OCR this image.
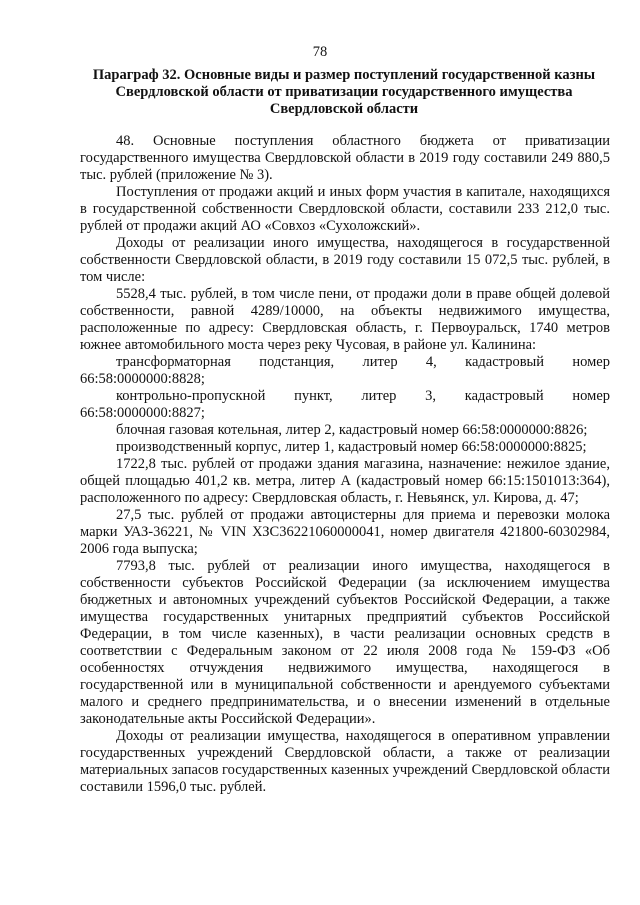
78
Параграф 32. Основные виды и размер поступлений государственной казны
Свердловской области от приватизации государственного имущества
Свердловской области

48. Основные поступления областного бюджета от приватизации государственного имущества Свердловской области в 2019 году составили 249 880,5 тыс. рублей (приложение № 3).

Поступления от продажи акций и иных форм участия в капитале, находящихся в государственной собственности Свердловской области, составили 233 212,0 тыс. рублей от продажи акций АО «Совхоз «Сухоложский».

Доходы от реализации иного имущества, находящегося в государственной собственности Свердловской области, в 2019 году составили 15 072,5 тыс. рублей, в том числе:

5528,4 тыс. рублей, в том числе пени, от продажи доли в праве общей долевой собственности, равной 4289/10000, на объекты недвижимого имущества, расположенные по адресу: Свердловская область, г. Первоуральск, 1740 метров южнее автомобильного моста через реку Чусовая, в районе ул. Калинина:

трансформаторная подстанция, литер 4, кадастровый номер 66:58:0000000:8828;

контрольно-пропускной пункт, литер 3, кадастровый номер 66:58:0000000:8827;

блочная газовая котельная, литер 2, кадастровый номер 66:58:0000000:8826;

производственный корпус, литер 1, кадастровый номер 66:58:0000000:8825;

1722,8 тыс. рублей от продажи здания магазина, назначение: нежилое здание, общей площадью 401,2 кв. метра, литер А (кадастровый номер 66:15:1501013:364), расположенного по адресу: Свердловская область, г. Невьянск, ул. Кирова, д. 47;

27,5 тыс. рублей от продажи автоцистерны для приема и перевозки молока марки УАЗ-36221, № VIN ХЗС36221060000041, номер двигателя 421800-60302984, 2006 года выпуска;

7793,8 тыс. рублей от реализации иного имущества, находящегося в собственности субъектов Российской Федерации (за исключением имущества бюджетных и автономных учреждений субъектов Российской Федерации, а также имущества государственных унитарных предприятий субъектов Российской Федерации, в том числе казенных), в части реализации основных средств в соответствии с Федеральным законом от 22 июля 2008 года № 159-ФЗ «Об особенностях отчуждения недвижимого имущества, находящегося в государственной или в муниципальной собственности и арендуемого субъектами малого и среднего предпринимательства, и о внесении изменений в отдельные законодательные акты Российской Федерации».

Доходы от реализации имущества, находящегося в оперативном управлении государственных учреждений Свердловской области, а также от реализации материальных запасов государственных казенных учреждений Свердловской области составили 1596,0 тыс. рублей.
